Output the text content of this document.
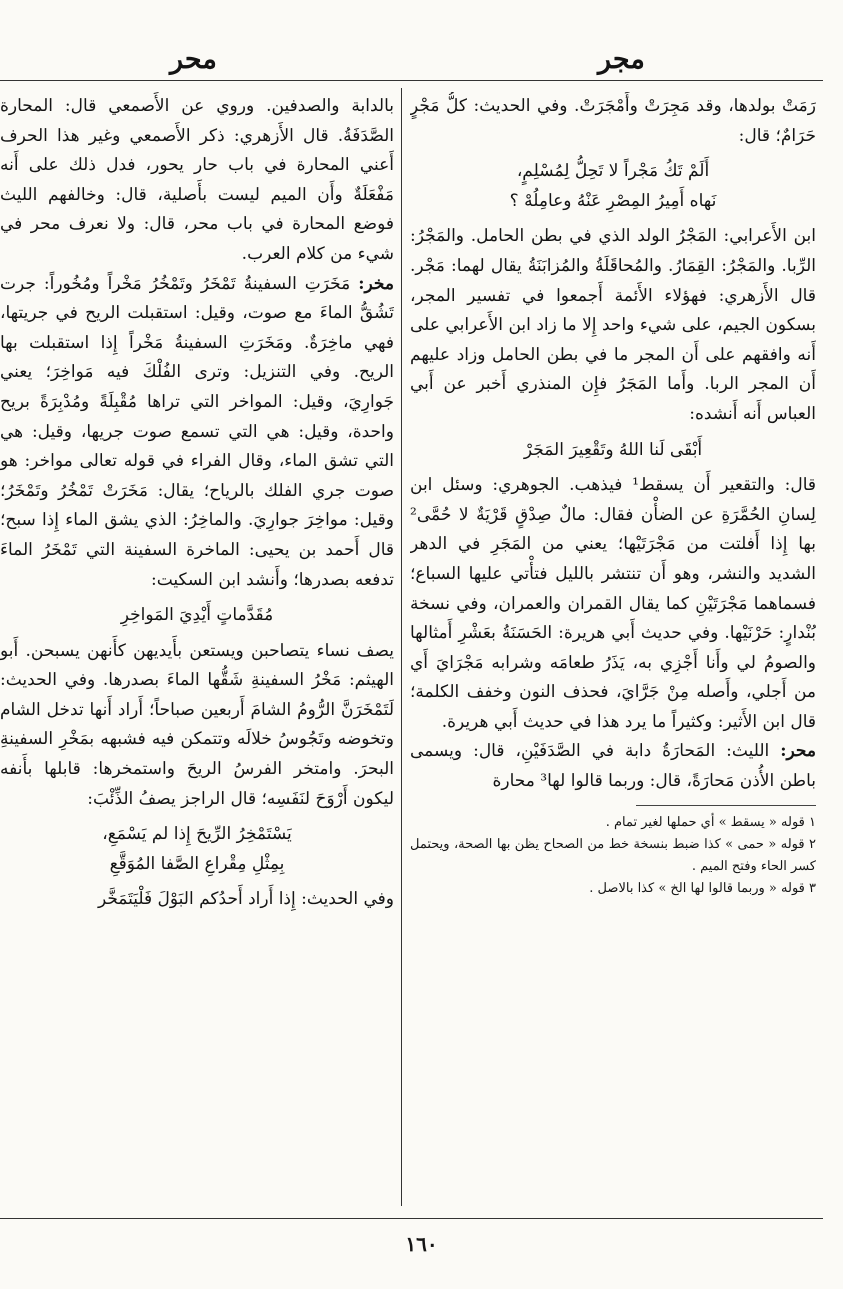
مجر
محر

رَمَتْ بولدها، وقد مَجِرَتْ وأَمْجَرَتْ. وفي الحديث: كلُّ مَجْرٍ حَرَامٌ؛ قال:

أَلَمْ تَكُ مَجْراً لا تَحِلُّ لِمُسْلِمٍ،
نَهاه أَمِيرُ المِصْرِ عَنْهُ وعامِلُهْ ؟

ابن الأَعرابي: المَجْرُ الولد الذي في بطن الحامل. والمَجْرُ: الرِّبا. والمَجْرُ: القِمَارُ. والمُحاقَلَةُ والمُزابَنَةُ يقال لهما: مَجْر. قال الأَزهري: فهؤلاء الأَئمة أَجمعوا في تفسير المجر، بسكون الجيم، على شيء واحد إِلا ما زاد ابن الأَعرابي على أَنه وافقهم على أَن المجر ما في بطن الحامل وزاد عليهم أَن المجر الربا. وأَما المَجَرُ فإِن المنذري أَخبر عن أَبي العباس أَنه أَنشده:

أَبْقَى لَنا اللهُ وتَقْعِيرَ المَجَرْ

قال: والتقعير أَن يسقط¹ فيذهب. الجوهري: وسئل ابن لِسانِ الحُمَّرَةِ عن الضأْن فقال: مالٌ صِدْقٍ قَرْيَةٌ لا حُمَّى² بها إِذا أَفلتت من مَجْرَتَيْها؛ يعني من المَجَرِ في الدهر الشديد والنشر، وهو أَن تنتشر بالليل فتأْتي عليها السباع؛ فسماهما مَجْرَتَيْنِ كما يقال القمران والعمران، وفي نسخة بُنْدارٍ: حَرْنَيْها. وفي حديث أَبي هريرة: الحَسَنَةُ بعَشْرِ أَمثالها والصومُ لي وأَنا أَجْزِي به، يَذَرُ طعامَه وشرابه مَجْرَايَ أَي من أَجلي، وأَصله مِنْ جَرَّايَ، فحذف النون وخفف الكلمة؛ قال ابن الأَثير: وكثيراً ما يرد هذا في حديث أَبي هريرة.

محر: الليث: المَحارَةُ دابة في الصَّدَفَيْنِ، قال: ويسمى باطن الأُذن مَحارَةً، قال: وربما قالوا لها³ محارة

١ قوله « يسقط » أي حملها لغير تمام .

٢ قوله « حمى » كذا ضبط بنسخة خط من الصحاح يظن بها الصحة، ويحتمل كسر الحاء وفتح الميم .

٣ قوله « وربما قالوا لها الخ » كذا بالاصل .

بالدابة والصدفين. وروي عن الأَصمعي قال: المحارة الصَّدَفَةُ. قال الأَزهري: ذكر الأَصمعي وغير هذا الحرف أَعني المحارة في باب حار يحور، فدل ذلك على أَنه مَفْعَلَةٌ وأَن الميم ليست بأَصلية، قال: وخالفهم الليث فوضع المحارة في باب محر، قال: ولا نعرف محر في شيء من كلام العرب.

مخر: مَخَرَتِ السفينةُ تَمْخَرُ وتَمْخُرُ مَخْراً ومُخُوراً: جرت تَشُقُّ الماءَ مع صوت، وقيل: استقبلت الريح في جريتها، فهي ماخِرَةٌ. ومَخَرَتِ السفينةُ مَخْراً إِذا استقبلت بها الريح. وفي التنزيل: وترى الفُلْكَ فيه مَواخِرَ؛ يعني جَوارِيَ، وقيل: المواخر التي تراها مُقْبِلَةً ومُدْبِرَةً بريح واحدة، وقيل: هي التي تسمع صوت جريها، وقيل: هي التي تشق الماء، وقال الفراء في قوله تعالى مواخر: هو صوت جري الفلك بالرياح؛ يقال: مَخَرَتْ تَمْخُرُ وتَمْخَرُ؛ وقيل: مواخِرَ جوارِيَ. والماخِرُ: الذي يشق الماء إِذا سبح؛ قال أَحمد بن يحيى: الماخرة السفينة التي تَمْخَرُ الماءَ تدفعه بصدرها؛ وأَنشد ابن السكيت:

مُقَدَّماتٍ أَيْدِيَ المَواخِرِ

يصف نساء يتصاحبن ويستعن بأَيديهن كأَنهن يسبحن. أَبو الهيثم: مَخْرُ السفينةِ شَقُّها الماءَ بصدرها. وفي الحديث: لَتَمْخَرَنَّ الرُّومُ الشامَ أَربعين صباحاً؛ أَراد أَنها تدخل الشام وتخوضه وتَجُوسُ خلالَه وتتمكن فيه فشبهه بمَخْرِ السفينةِ البحرَ. وامتخر الفرسُ الريحَ واستمخرها: قابلها بأَنفه ليكون أَرْوَحَ لنَفَسِه؛ قال الراجز يصفُ الذِّئْبَ:

يَسْتَمْخِرُ الرِّيحَ إِذا لم يَسْمَعِ،
بِمِثْلِ مِقْراعِ الصَّفا المُوَقَّعِ

وفي الحديث: إِذا أَراد أَحدُكم البَوْلَ فَلْيَتَمَخَّر

١٦٠
